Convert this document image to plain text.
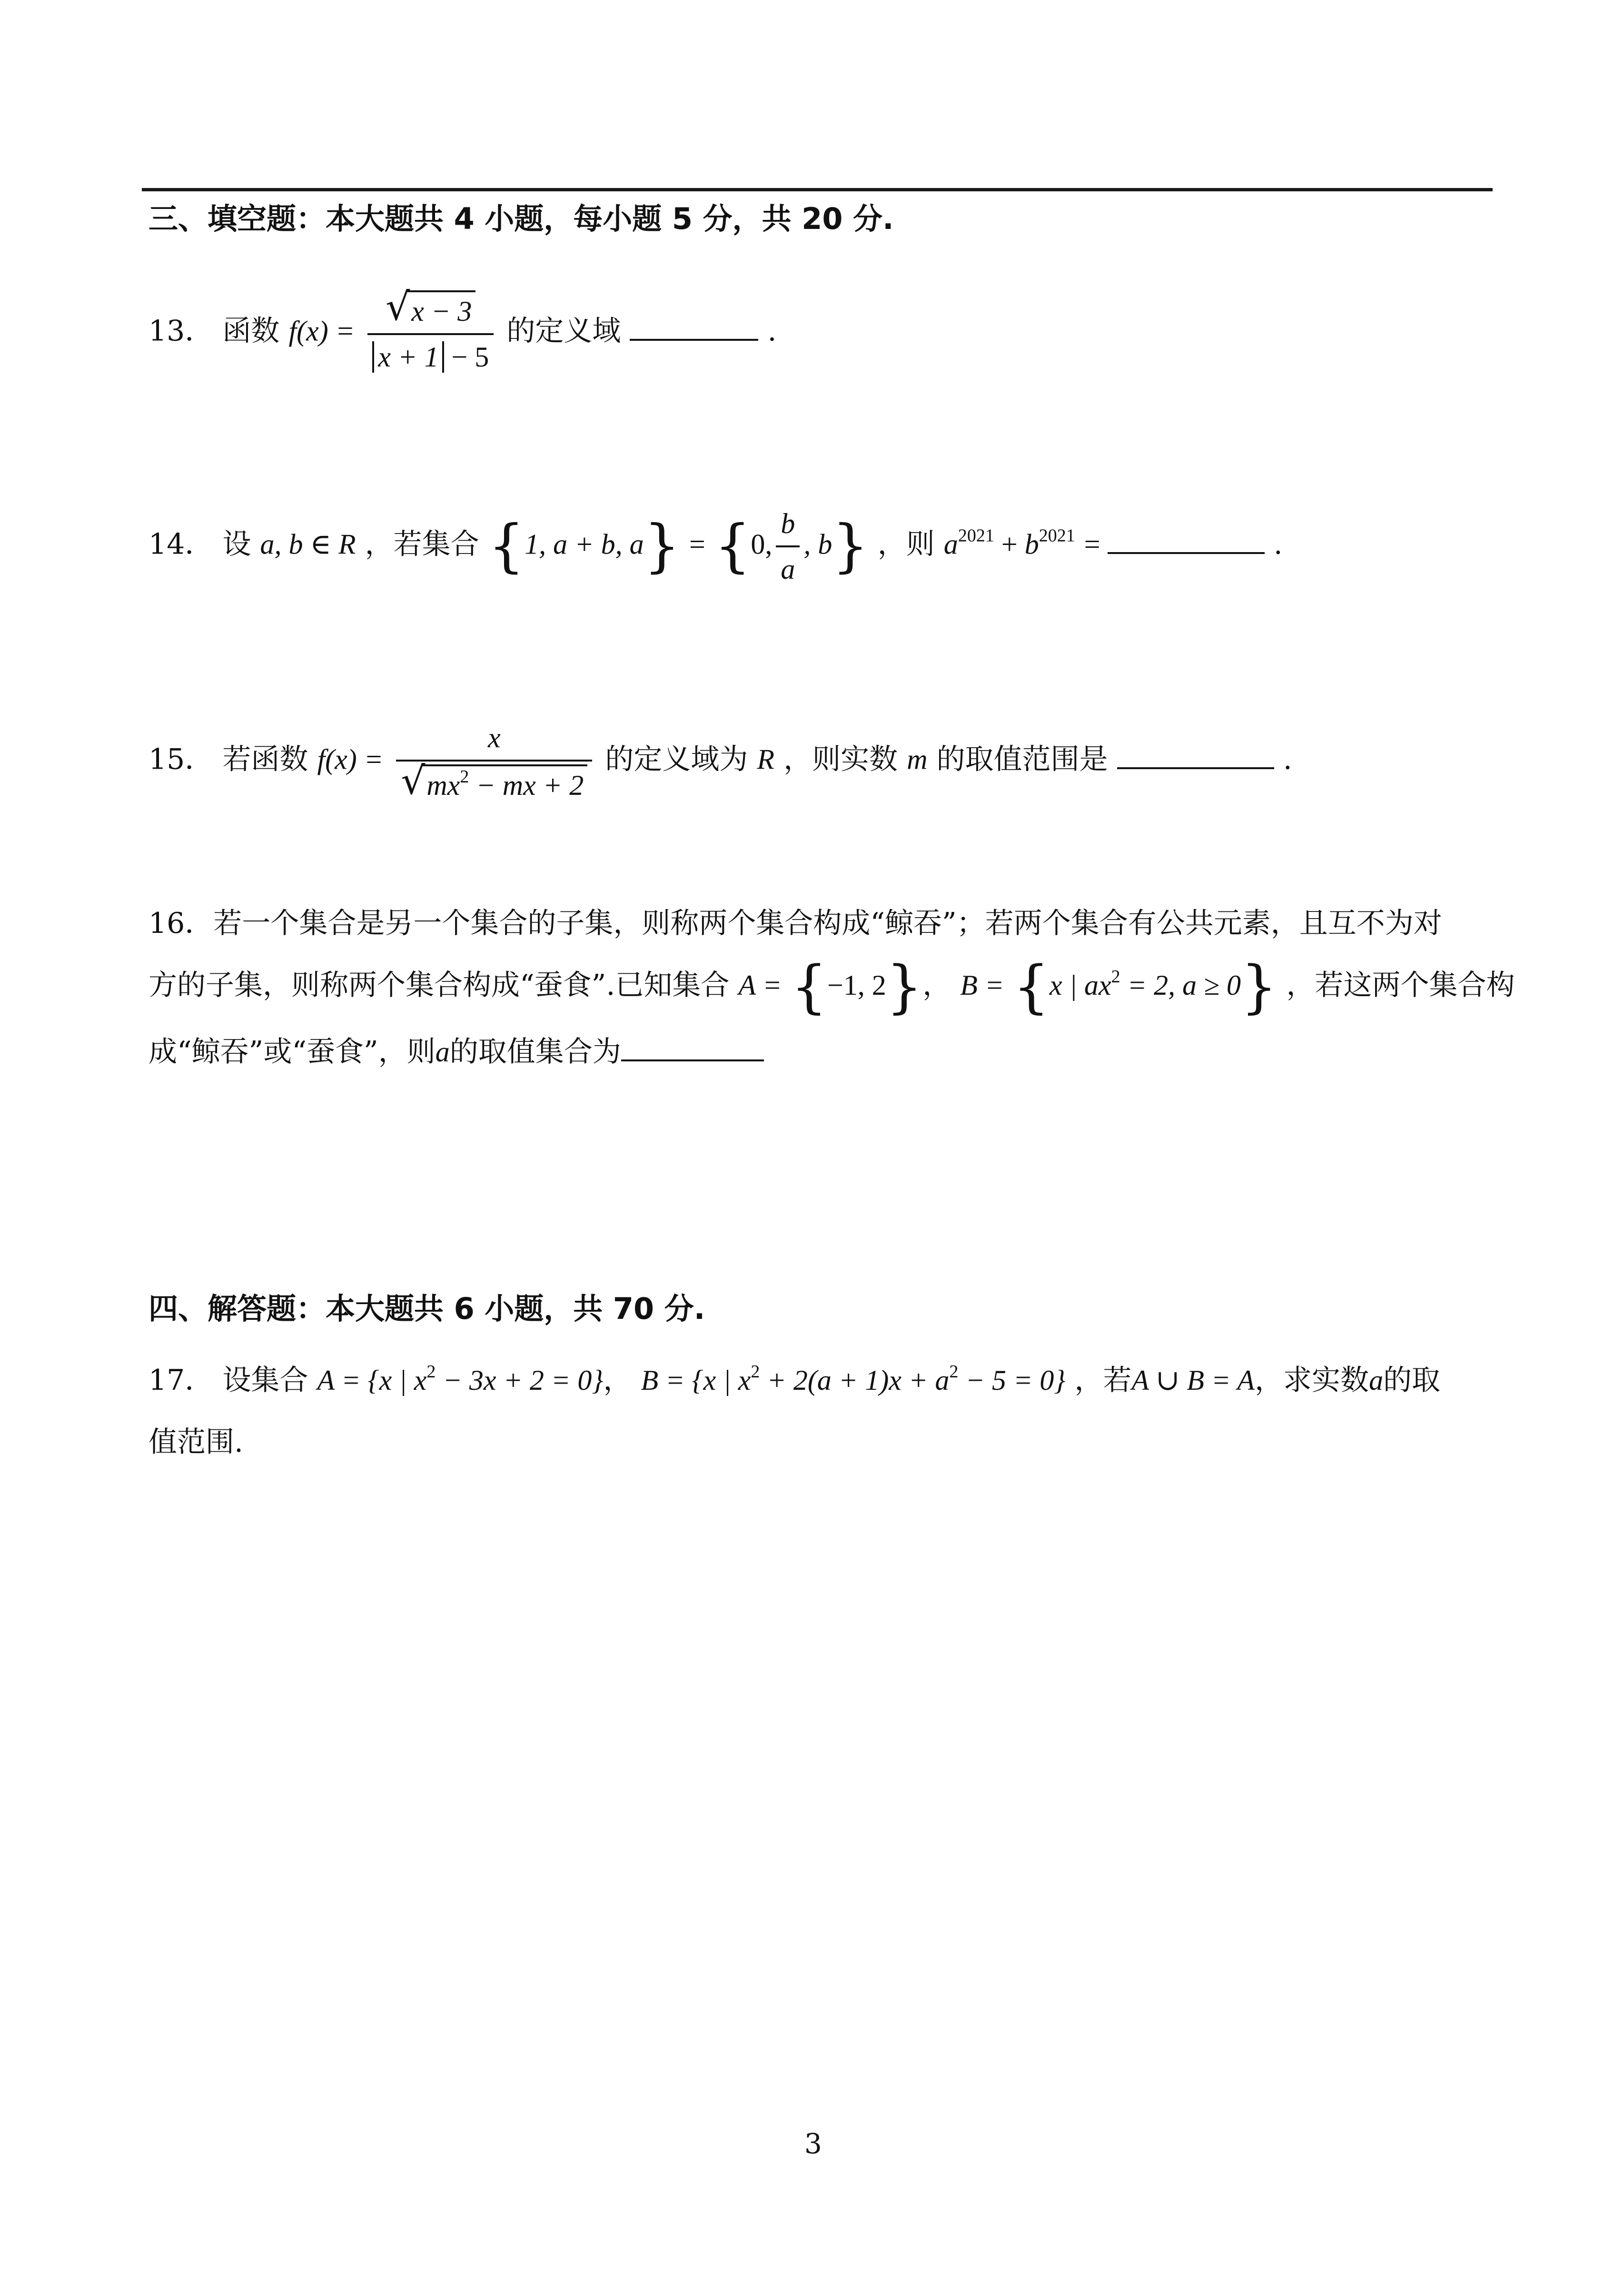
三、填空题：本大题共 4 小题，每小题 5 分，共 20 分.
13． 函数 $f(x) = \frac{√ x - 3}{x + 1 - 5}$ 的定义域	.
14． 设 a, b ∈ R ，若集合 {1, a + b, a} = {0, $\frac{b}{a}$ , b} ，则 $a^{2021} + b^{2021}$ =	.
15． 若函数 $f(x) = \frac{x}{√ mx^2 - mx + 2}$ 的定义域为 R ，则实数 m 的取值范围是	.
16．若一个集合是另一个集合的子集，则称两个集合构成“鲸吞”；若两个集合有公共元素，且互不为对
方的子集，则称两个集合构成“蚕食”.已知集合 A = {−1, 2}， B = {x | $ax^2 = 2$, a ≥ 0} ，若这两个集合构
成“鲸吞”或“蚕食”，则a的取值集合为
四、解答题：本大题共 6 小题，共 70 分.
17． 设集合 A = {x | $x^2 - 3x + 2 = 0$}， B = {x | $x^2 + 2(a + 1)x + a^2 - 5 = 0$} ，若A ∪ B = A，求实数a的取
值范围.
3
